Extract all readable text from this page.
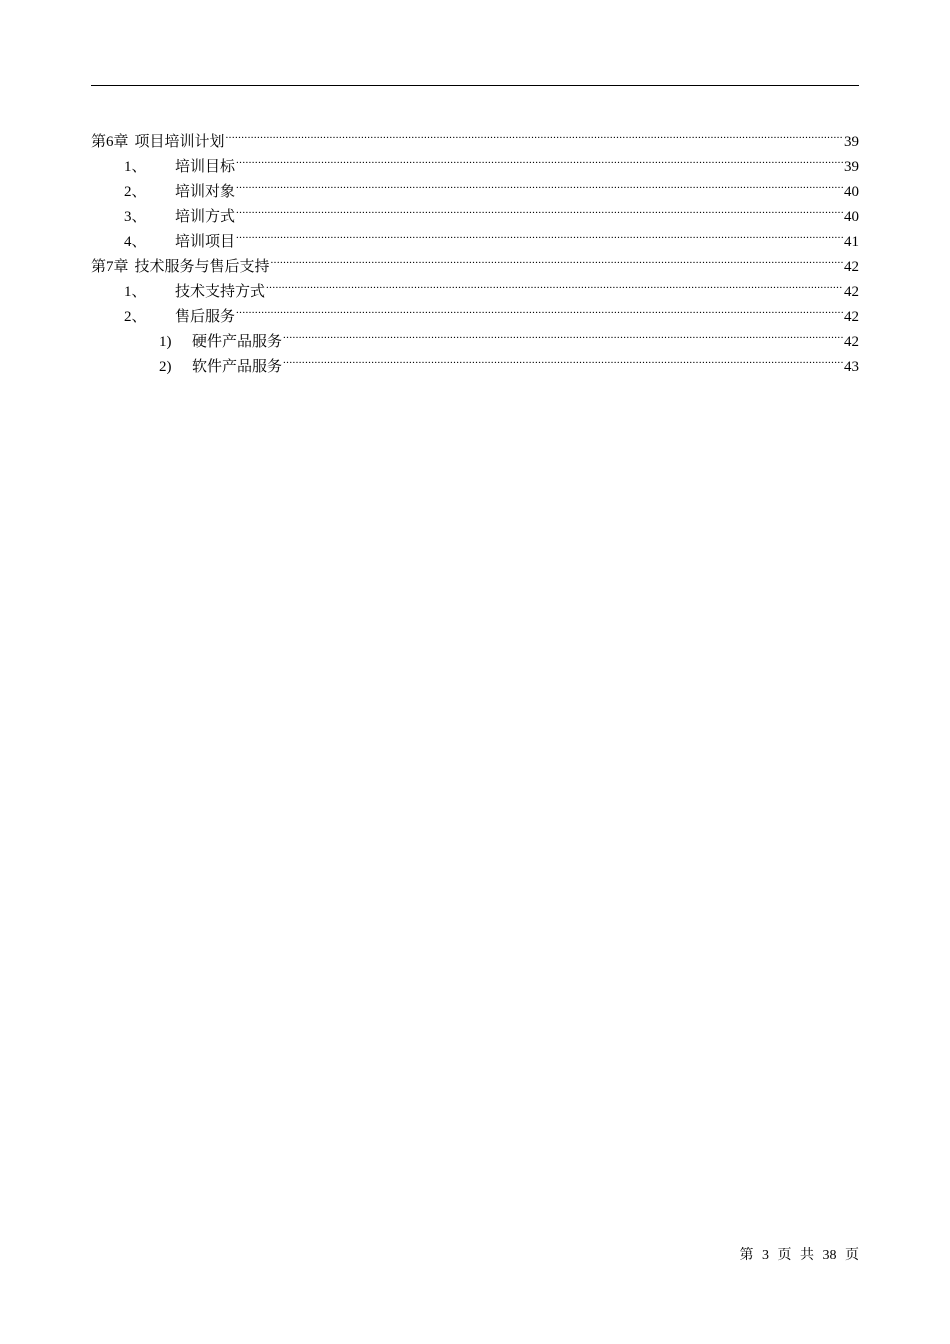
第6章 项目培训计划 .....	39
1、	培训目标 .....	39
2、	培训对象 .....	40
3、	培训方式 .....	40
4、	培训项目 .....	41
第7章 技术服务与售后支持 .....	42
1、	技术支持方式 .....	42
2、	售后服务 .....	42
1)	硬件产品服务 .....	42
2)	软件产品服务 .....	43
第 3 页 共 38 页
